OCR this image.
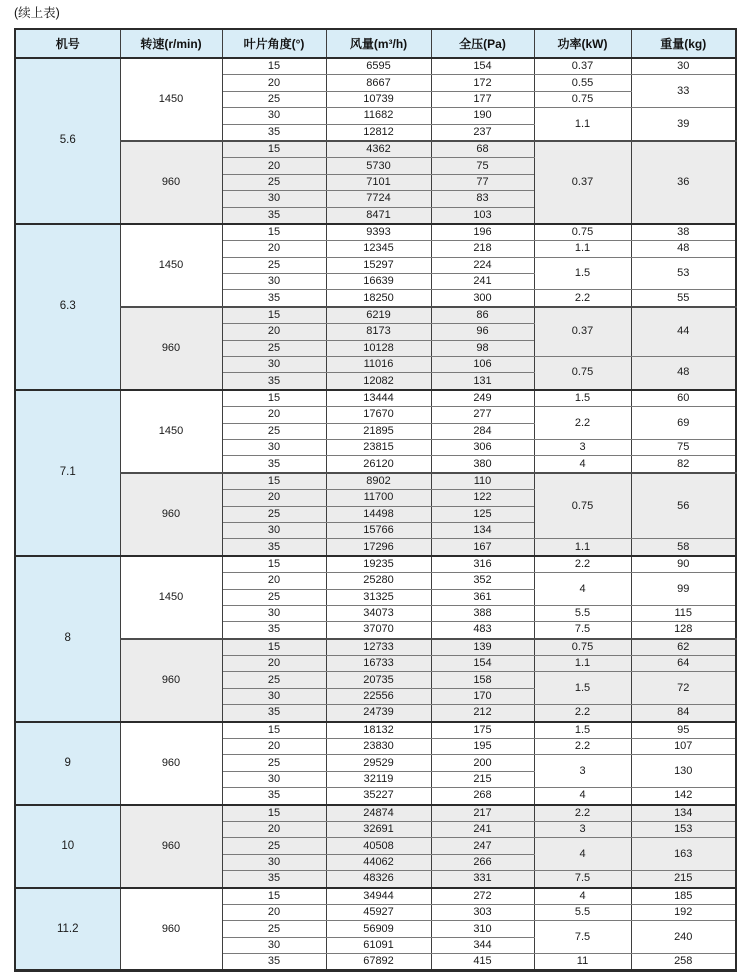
(续上表)
机号	转速(r/min)	叶片角度(°)	风量(m³/h)	全压(Pa)	功率(kW)	重量(kg)
5.6	1450	15	6595	154	0.37	30
		20	8667	172	0.55	33
		25	10739	177	0.75	
		30	11682	190	1.1	39
		35	12812	237		
	960	15	4362	68	0.37	36
		20	5730	75		
		25	7101	77		
		30	7724	83		
		35	8471	103		
6.3	1450	15	9393	196	0.75	38
		20	12345	218	1.1	48
		25	15297	224	1.5	53
		30	16639	241		
		35	18250	300	2.2	55
	960	15	6219	86	0.37	44
		20	8173	96		
		25	10128	98		
		30	11016	106	0.75	48
		35	12082	131		
7.1	1450	15	13444	249	1.5	60
		20	17670	277	2.2	69
		25	21895	284		
		30	23815	306	3	75
		35	26120	380	4	82
	960	15	8902	110	0.75	56
		20	11700	122		
		25	14498	125		
		30	15766	134		
		35	17296	167	1.1	58
8	1450	15	19235	316	2.2	90
		20	25280	352	4	99
		25	31325	361		
		30	34073	388	5.5	115
		35	37070	483	7.5	128
	960	15	12733	139	0.75	62
		20	16733	154	1.1	64
		25	20735	158	1.5	72
		30	22556	170		
		35	24739	212	2.2	84
9	960	15	18132	175	1.5	95
		20	23830	195	2.2	107
		25	29529	200	3	130
		30	32119	215		
		35	35227	268	4	142
10	960	15	24874	217	2.2	134
		20	32691	241	3	153
		25	40508	247	4	163
		30	44062	266		
		35	48326	331	7.5	215
11.2	960	15	34944	272	4	185
		20	45927	303	5.5	192
		25	56909	310	7.5	240
		30	61091	344		
		35	67892	415	11	258
